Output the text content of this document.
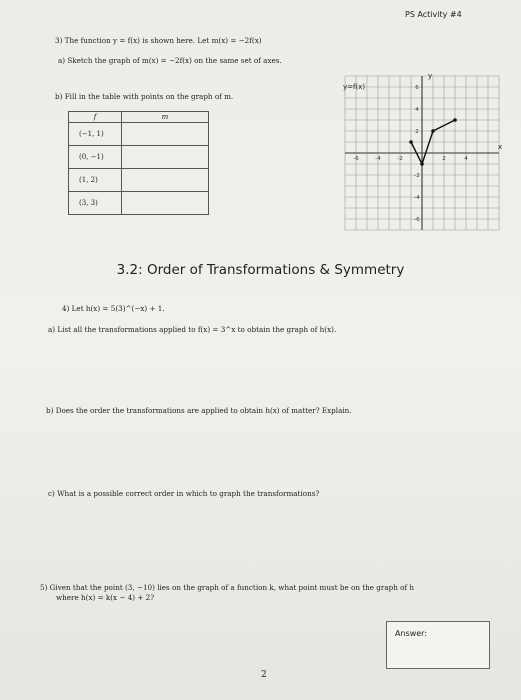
PS Activity #4
3) The function y = f(x) is shown here. Let m(x) = −2f(x)
a) Sketch the graph of m(x) = −2f(x) on the same set of axes.
b) Fill in the table with points on the graph of m.
f	m
(−1, 1)	
(0, −1)	
(1, 2)	
(3, 3)	
-6	-4	-2	2	4
6
4
2
-2
-4
-6
y=f(x)
y
x
3.2: Order of Transformations & Symmetry
4) Let h(x) = 5(3)^(−x) + 1.
a) List all the transformations applied to f(x) = 3^x to obtain the graph of h(x).
b) Does the order the transformations are applied to obtain h(x) of matter? Explain.
c) What is a possible correct order in which to graph the transformations?
5) Given that the point (3, −10) lies on the graph of a function k, what point must be on the graph of h
where h(x) = k(x − 4) + 2?
Answer:
2
